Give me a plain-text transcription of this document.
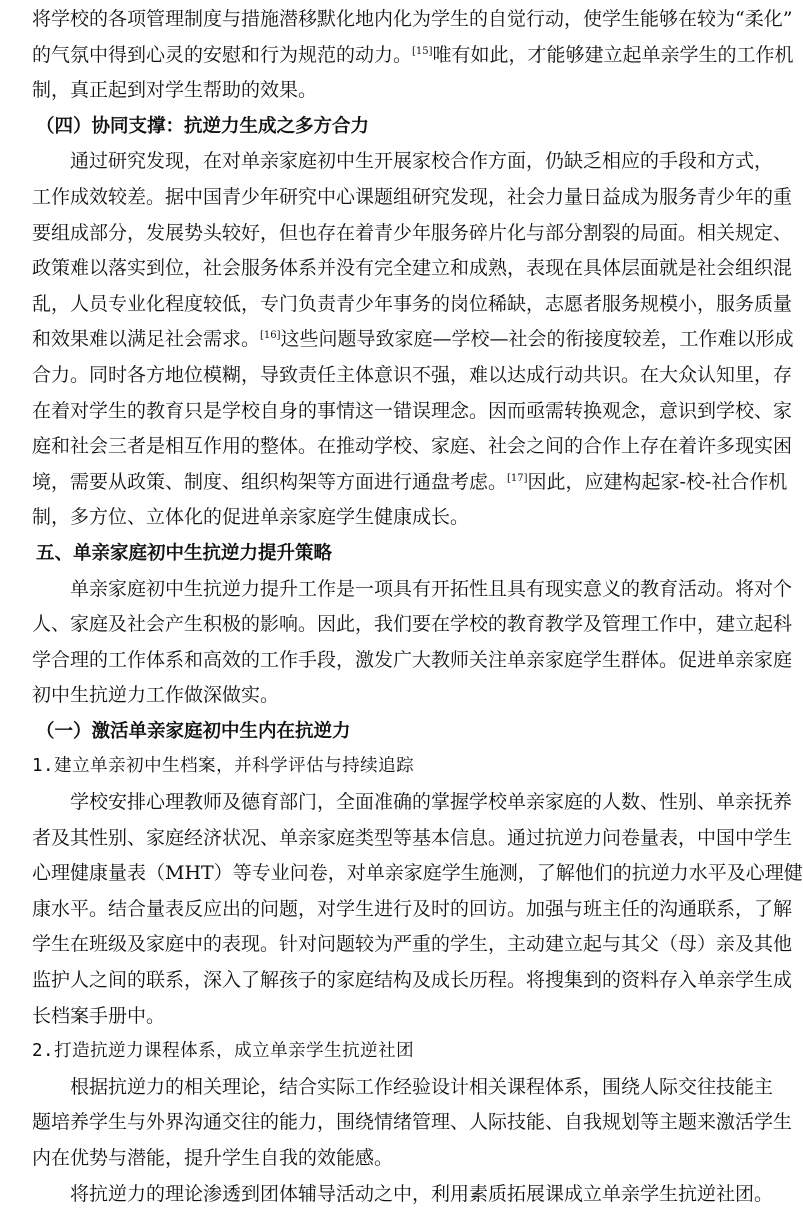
将学校的各项管理制度与措施潜移默化地内化为学生的自觉行动，使学生能够在较为“柔化”
的气氛中得到心灵的安慰和行为规范的动力。[15]唯有如此，才能够建立起单亲学生的工作机
制，真正起到对学生帮助的效果。
（四）协同支撑：抗逆力生成之多方合力
通过研究发现，在对单亲家庭初中生开展家校合作方面，仍缺乏相应的手段和方式，
工作成效较差。据中国青少年研究中心课题组研究发现，社会力量日益成为服务青少年的重
要组成部分，发展势头较好，但也存在着青少年服务碎片化与部分割裂的局面。相关规定、
政策难以落实到位，社会服务体系并没有完全建立和成熟，表现在具体层面就是社会组织混
乱，人员专业化程度较低，专门负责青少年事务的岗位稀缺，志愿者服务规模小，服务质量
和效果难以满足社会需求。[16]这些问题导致家庭—学校—社会的衔接度较差，工作难以形成
合力。同时各方地位模糊，导致责任主体意识不强，难以达成行动共识。在大众认知里，存
在着对学生的教育只是学校自身的事情这一错误理念。因而亟需转换观念，意识到学校、家
庭和社会三者是相互作用的整体。在推动学校、家庭、社会之间的合作上存在着许多现实困
境，需要从政策、制度、组织构架等方面进行通盘考虑。[17]因此，应建构起家-校-社合作机
制，多方位、立体化的促进单亲家庭学生健康成长。
五、单亲家庭初中生抗逆力提升策略
单亲家庭初中生抗逆力提升工作是一项具有开拓性且具有现实意义的教育活动。将对个
人、家庭及社会产生积极的影响。因此，我们要在学校的教育教学及管理工作中，建立起科
学合理的工作体系和高效的工作手段，激发广大教师关注单亲家庭学生群体。促进单亲家庭
初中生抗逆力工作做深做实。
（一）激活单亲家庭初中生内在抗逆力
1.建立单亲初中生档案，并科学评估与持续追踪
学校安排心理教师及德育部门，全面准确的掌握学校单亲家庭的人数、性别、单亲抚养
者及其性别、家庭经济状况、单亲家庭类型等基本信息。通过抗逆力问卷量表，中国中学生
心理健康量表（MHT）等专业问卷，对单亲家庭学生施测，了解他们的抗逆力水平及心理健
康水平。结合量表反应出的问题，对学生进行及时的回访。加强与班主任的沟通联系，了解
学生在班级及家庭中的表现。针对问题较为严重的学生，主动建立起与其父（母）亲及其他
监护人之间的联系，深入了解孩子的家庭结构及成长历程。将搜集到的资料存入单亲学生成
长档案手册中。
2.打造抗逆力课程体系，成立单亲学生抗逆社团
根据抗逆力的相关理论，结合实际工作经验设计相关课程体系，围绕人际交往技能主
题培养学生与外界沟通交往的能力，围绕情绪管理、人际技能、自我规划等主题来激活学生
内在优势与潜能，提升学生自我的效能感。
将抗逆力的理论渗透到团体辅导活动之中，利用素质拓展课成立单亲学生抗逆社团。
